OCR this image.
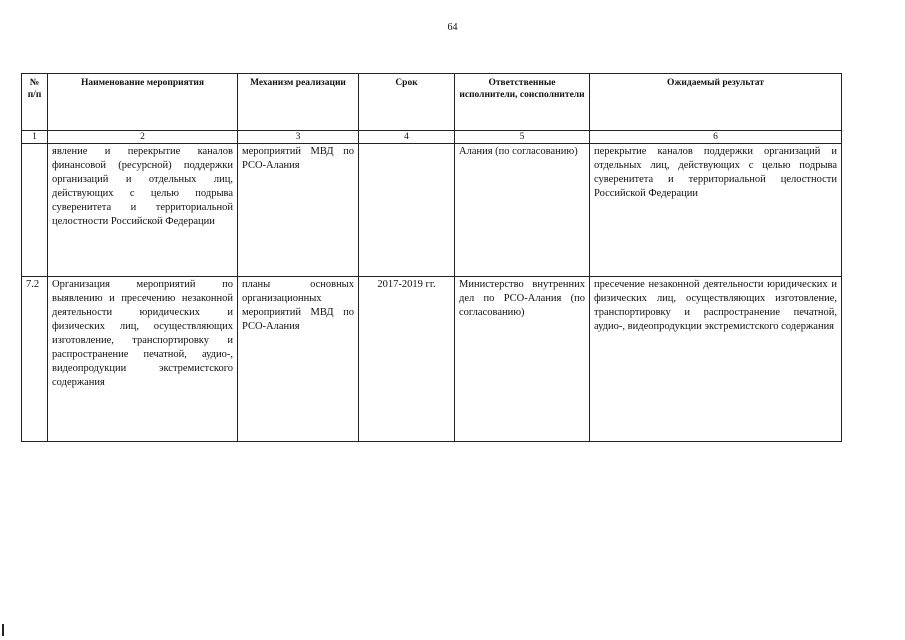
64
№ п/п	Наименование мероприятия	Механизм реализации	Срок	Ответственные исполнители, соисполнители	Ожидаемый результат
1	2	3	4	5	6
	явление и перекрытие каналов финансовой (ресурсной) поддержки организаций и отдельных лиц, действующих с целью подрыва суверенитета и территориальной целостности Российской Федерации	мероприятий МВД по РСО-Алания		Алания (по согласованию)	перекрытие каналов поддержки организаций и отдельных лиц, действующих с целью подрыва суверенитета и территориальной целостности Российской Федерации
7.2	Организация мероприятий по выявлению и пресечению незаконной деятельности юридических и физических лиц, осуществляющих изготовление, транспортировку и распространение печатной, аудио-, видеопродукции экстремистского содержания	планы основных организационных мероприятий МВД по РСО-Алания	2017-2019 гг.	Министерство внутренних дел по РСО-Алания (по согласованию)	пресечение незаконной деятельности юридических и физических лиц, осуществляющих изготовление, транспортировку и распространение печатной, аудио-, видеопродукции экстремистского содержания
